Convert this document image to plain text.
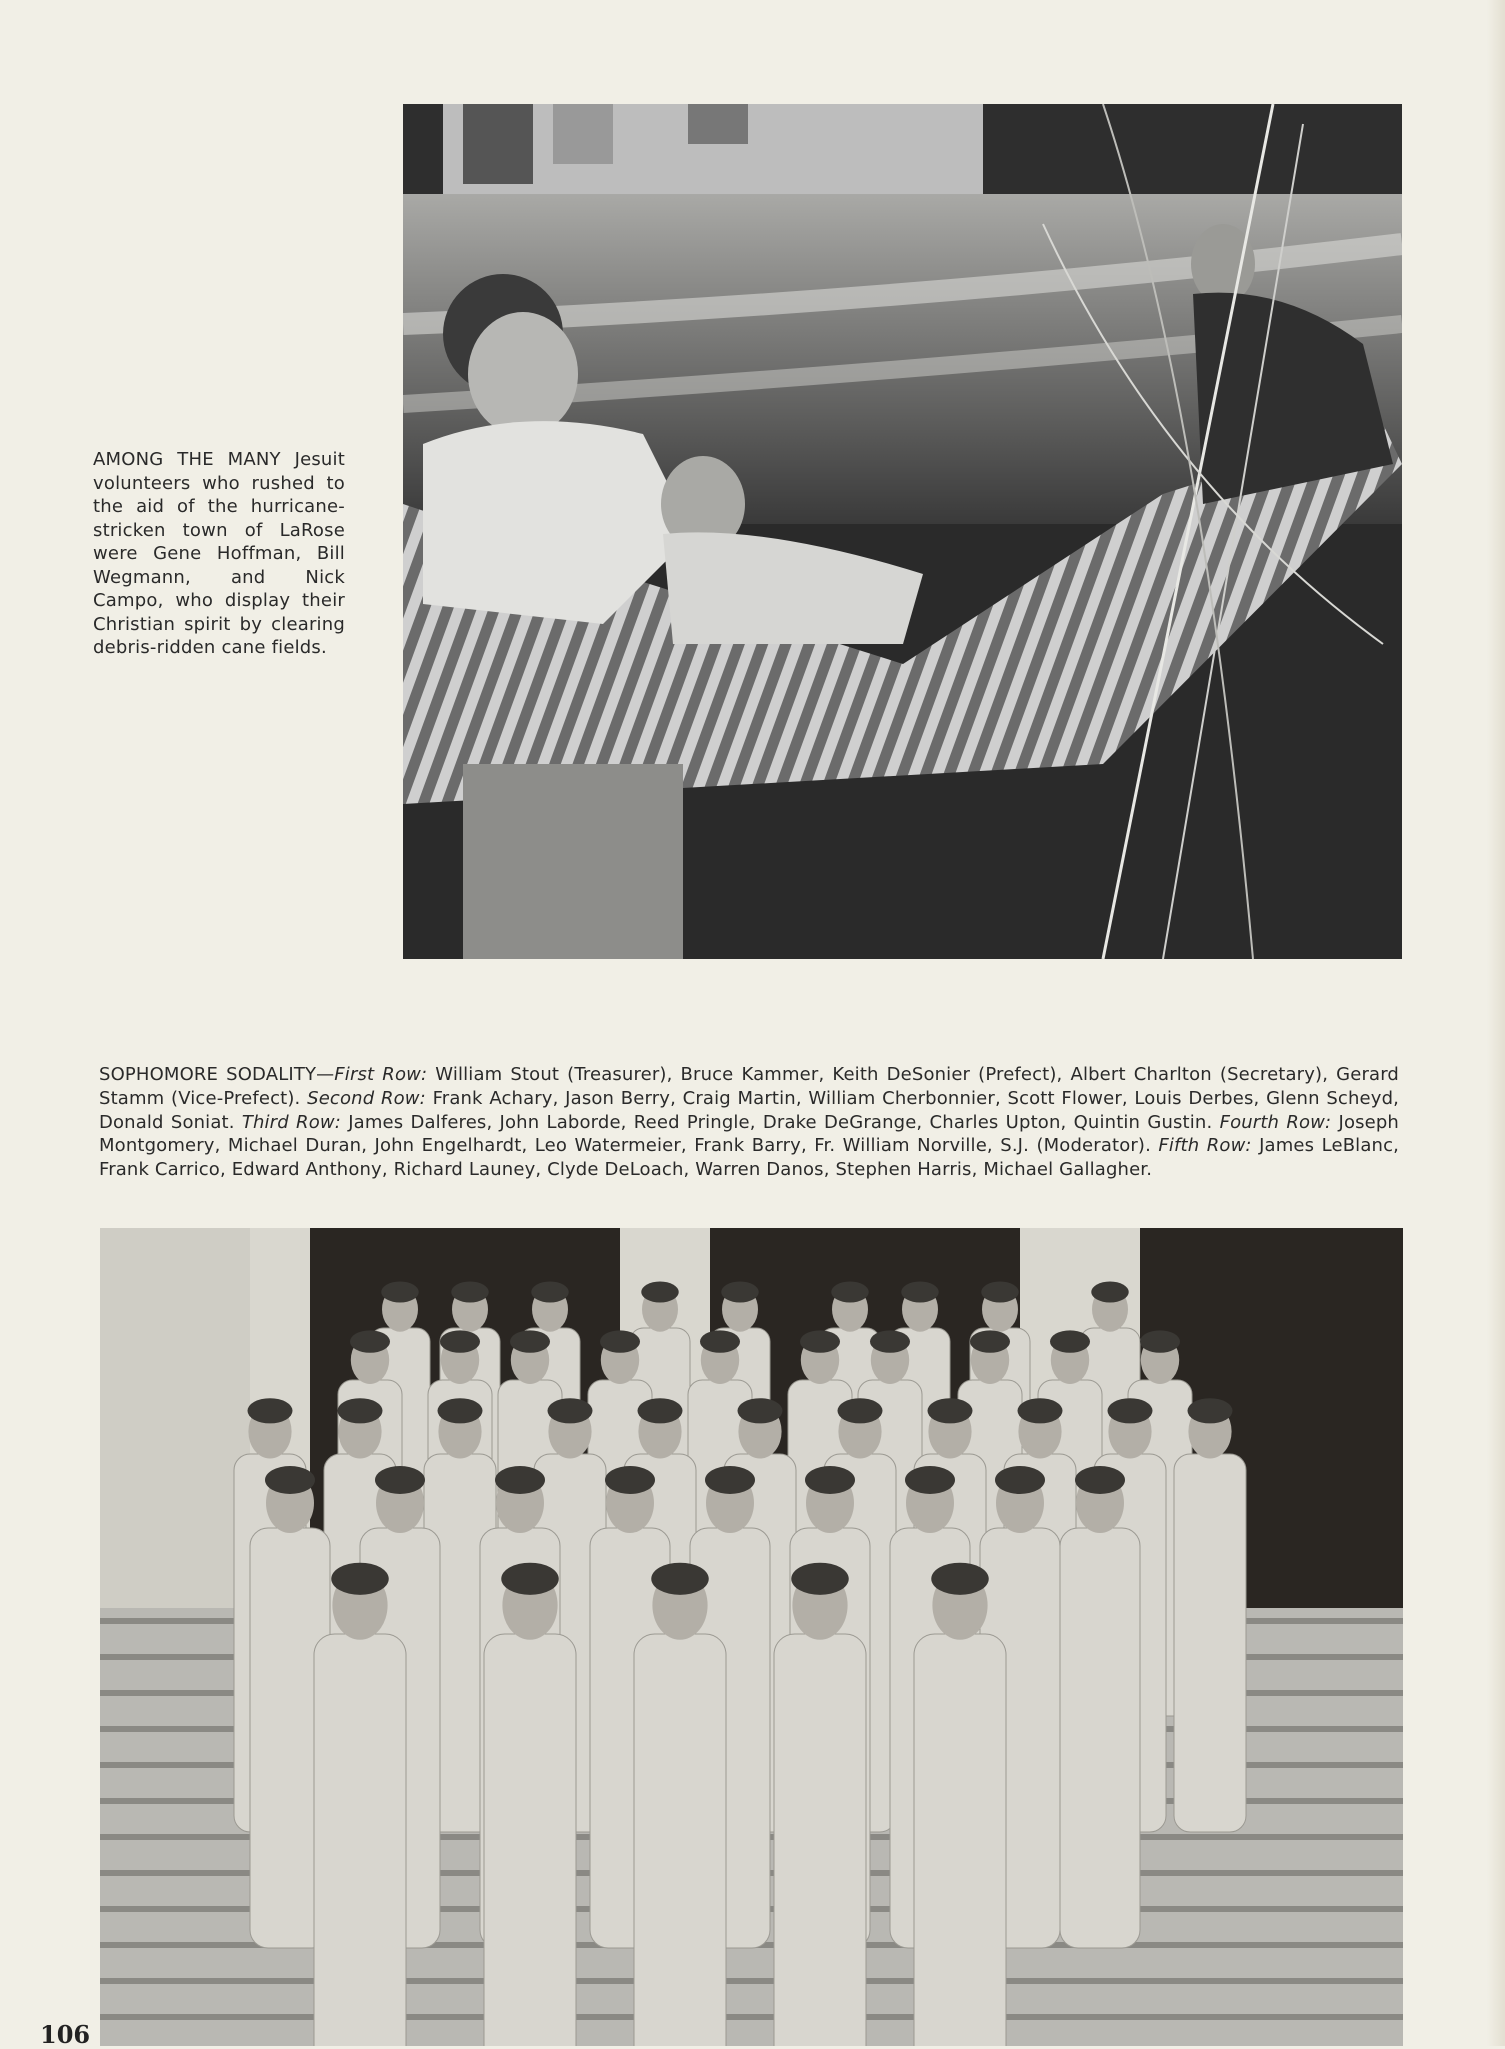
AMONG THE MANY Jesuit volunteers who rushed to the aid of the hurricane-stricken town of LaRose were Gene Hoffman, Bill Wegmann, and Nick Campo, who display their Christian spirit by clearing debris-ridden cane fields.
SOPHOMORE SODALITY—First Row: William Stout (Treasurer), Bruce Kammer, Keith DeSonier (Prefect), Albert Charlton (Secretary), Gerard Stamm (Vice-Prefect). Second Row: Frank Achary, Jason Berry, Craig Martin, William Cherbonnier, Scott Flower, Louis Derbes, Glenn Scheyd, Donald Soniat. Third Row: James Dalferes, John Laborde, Reed Pringle, Drake DeGrange, Charles Upton, Quintin Gustin. Fourth Row: Joseph Montgomery, Michael Duran, John Engelhardt, Leo Watermeier, Frank Barry, Fr. William Norville, S.J. (Moderator). Fifth Row: James LeBlanc, Frank Carrico, Edward Anthony, Richard Launey, Clyde DeLoach, Warren Danos, Stephen Harris, Michael Gallagher.
106
